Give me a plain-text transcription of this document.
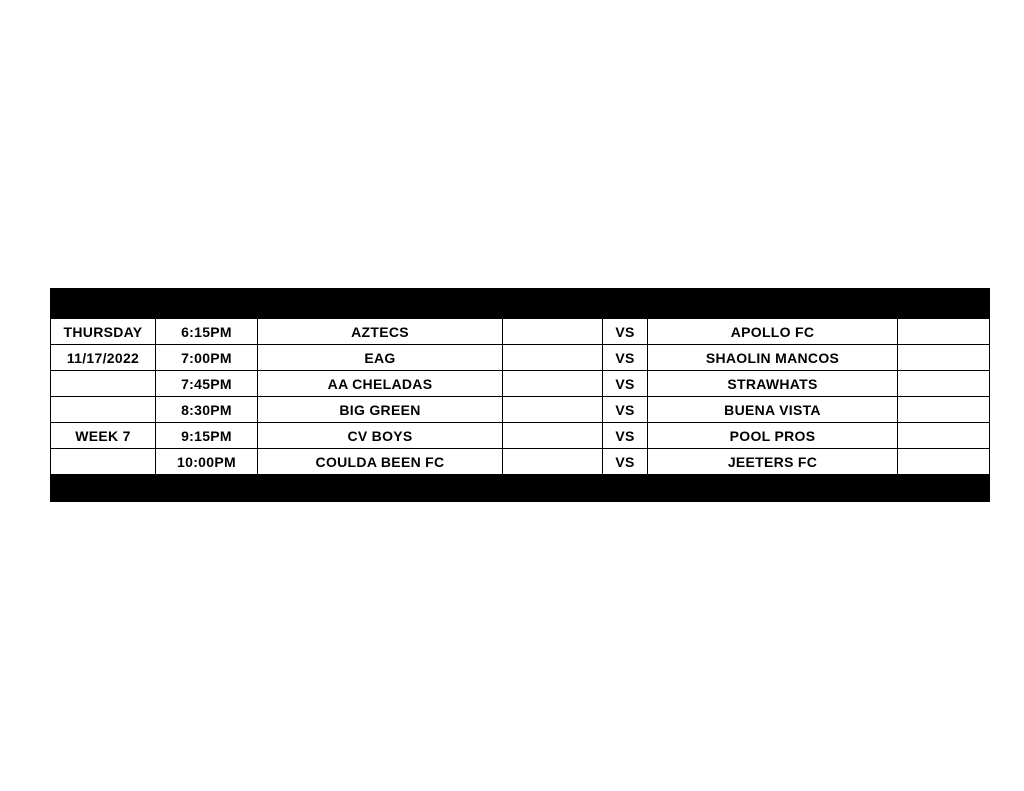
		HOME			AWAY	
THURSDAY	6:15PM	AZTECS		VS	APOLLO FC	
11/17/2022	7:00PM	EAG		VS	SHAOLIN MANCOS	
	7:45PM	AA CHELADAS		VS	STRAWHATS	
	8:30PM	BIG GREEN		VS	BUENA VISTA	
WEEK 7	9:15PM	CV BOYS		VS	POOL PROS	
	10:00PM	COULDA BEEN FC		VS	JEETERS FC	
		HOME WEARS LIGHT COLOR			AWAY WEAR DARK COLOR	
